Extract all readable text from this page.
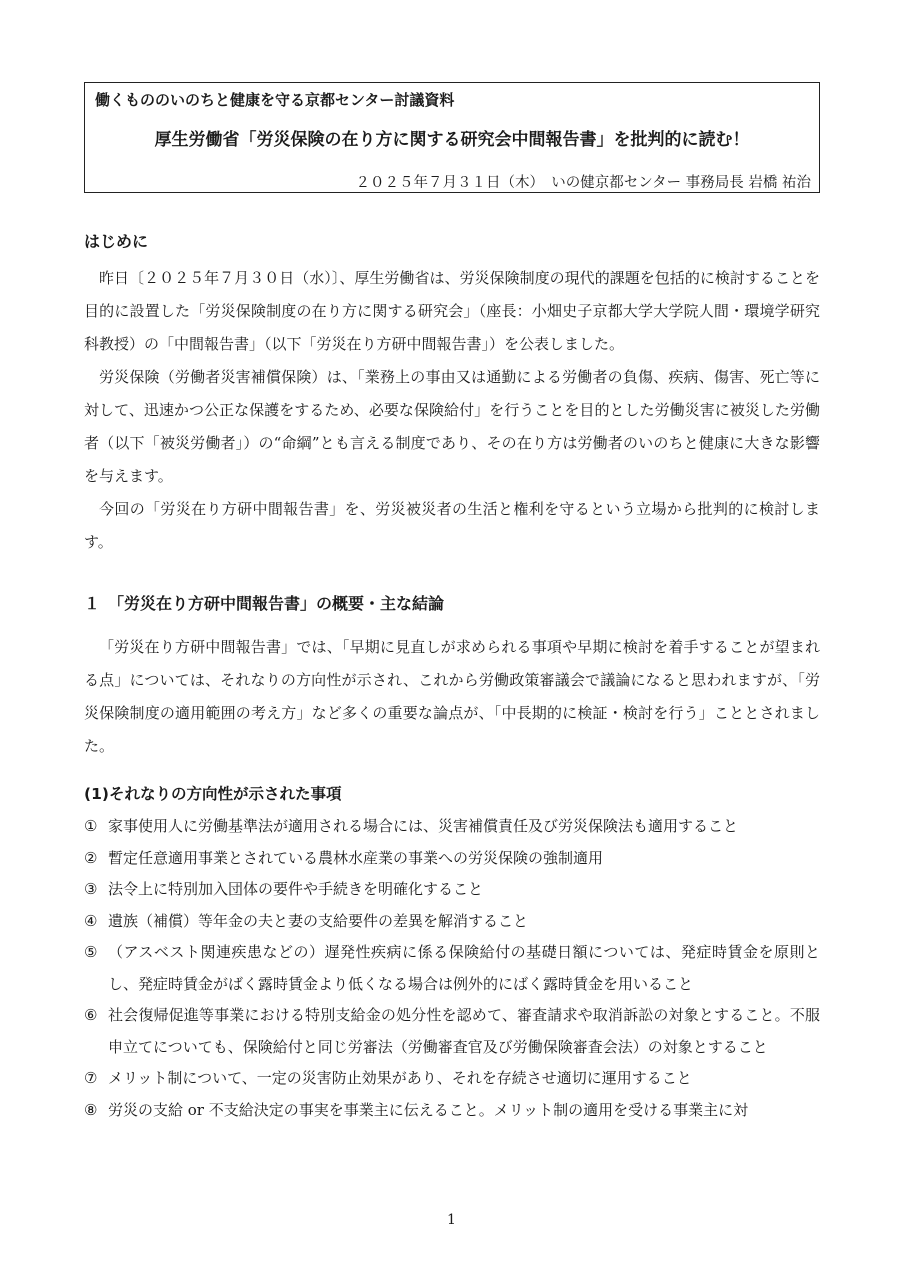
働くもののいのちと健康を守る京都センター討議資料
厚生労働省「労災保険の在り方に関する研究会中間報告書」を批判的に読む！
２０２５年７月３１日（木）　いの健京都センター 事務局長 岩橋 祐治
はじめに

昨日〔２０２５年７月３０日（水）〕、厚生労働省は、労災保険制度の現代的課題を包括的に検討することを目的に設置した「労災保険制度の在り方に関する研究会」（座長：小畑史子京都大学大学院人間・環境学研究科教授）の「中間報告書」（以下「労災在り方研中間報告書」）を公表しました。

労災保険（労働者災害補償保険）は、「業務上の事由又は通勤による労働者の負傷、疾病、傷害、死亡等に対して、迅速かつ公正な保護をするため、必要な保険給付」を行うことを目的とした労働災害に被災した労働者（以下「被災労働者」）の“命綱”とも言える制度であり、その在り方は労働者のいのちと健康に大きな影響を与えます。

今回の「労災在り方研中間報告書」を、労災被災者の生活と権利を守るという立場から批判的に検討します。

１　「労災在り方研中間報告書」の概要・主な結論

「労災在り方研中間報告書」では、「早期に見直しが求められる事項や早期に検討を着手することが望まれる点」については、それなりの方向性が示され、これから労働政策審議会で議論になると思われますが、「労災保険制度の適用範囲の考え方」など多くの重要な論点が、「中長期的に検証・検討を行う」こととされました。

(1)それなりの方向性が示された事項
① 家事使用人に労働基準法が適用される場合には、災害補償責任及び労災保険法も適用すること
② 暫定任意適用事業とされている農林水産業の事業への労災保険の強制適用
③ 法令上に特別加入団体の要件や手続きを明確化すること
④ 遺族（補償）等年金の夫と妻の支給要件の差異を解消すること
⑤ （アスベスト関連疾患などの）遅発性疾病に係る保険給付の基礎日額については、発症時賃金を原則とし、発症時賃金がばく露時賃金より低くなる場合は例外的にばく露時賃金を用いること
⑥ 社会復帰促進等事業における特別支給金の処分性を認めて、審査請求や取消訴訟の対象とすること。不服申立てについても、保険給付と同じ労審法（労働審査官及び労働保険審査会法）の対象とすること
⑦ メリット制について、一定の災害防止効果があり、それを存続させ適切に運用すること
⑧ 労災の支給 or 不支給決定の事実を事業主に伝えること。メリット制の適用を受ける事業主に対
1
